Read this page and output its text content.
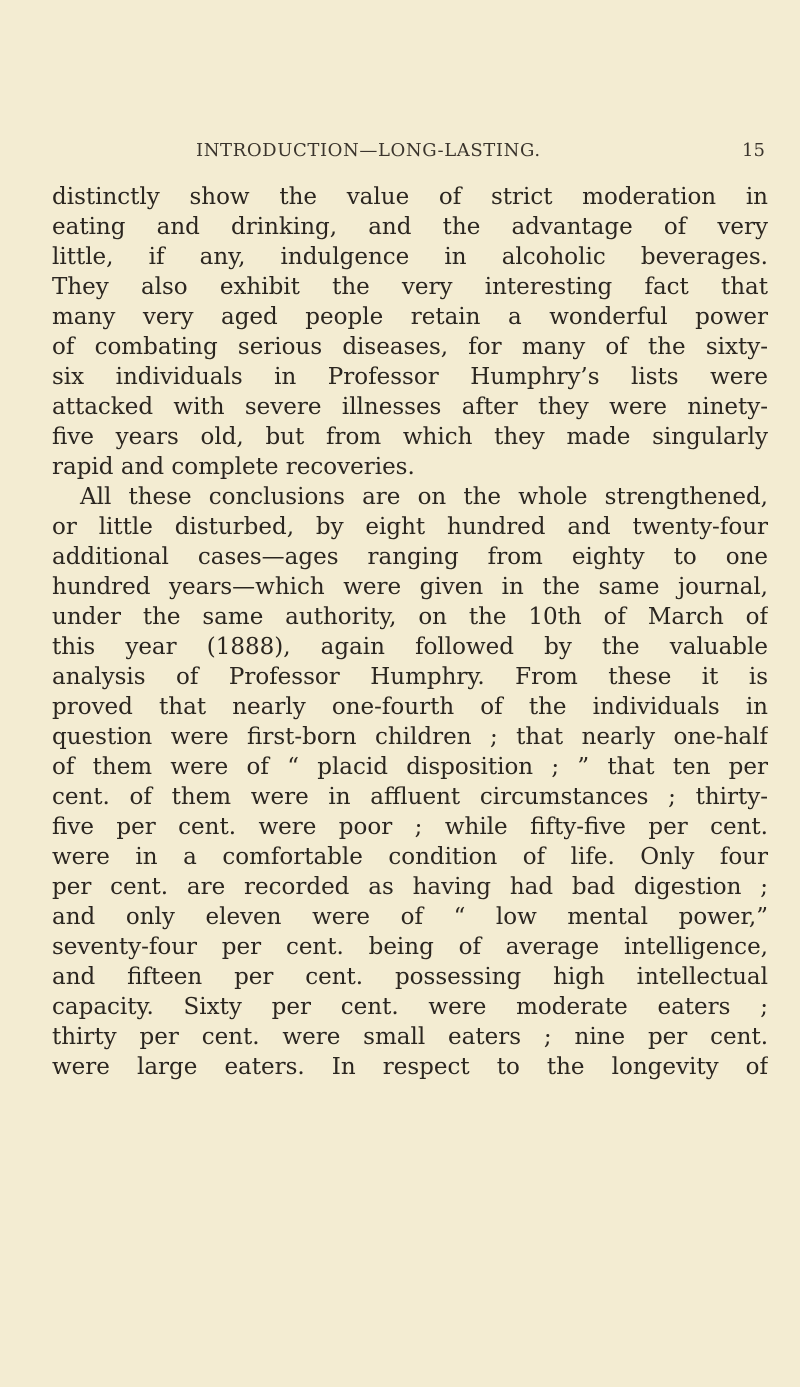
INTRODUCTION—LONG-LASTING.	15
distinctly show the value of strict moderation in
eating and drinking, and the advantage of very
little, if any, indulgence in alcoholic beverages.
They also exhibit the very interesting fact that
many very aged people retain a wonderful power
of combating serious diseases, for many of the sixty-
six individuals in Professor Humphry’s lists were
attacked with severe illnesses after they were ninety-
five years old, but from which they made singularly
rapid and complete recoveries.
All these conclusions are on the whole strengthened,
or little disturbed, by eight hundred and twenty-four
additional cases—ages ranging from eighty to one
hundred years—which were given in the same journal,
under the same authority, on the 10th of March of
this year (1888), again followed by the valuable
analysis of Professor Humphry. From these it is
proved that nearly one-fourth of the individuals in
question were first-born children ; that nearly one-half
of them were of “ placid disposition ; ” that ten per
cent. of them were in affluent circumstances ; thirty-
five per cent. were poor ; while fifty-five per cent.
were in a comfortable condition of life. Only four
per cent. are recorded as having had bad digestion ;
and only eleven were of “ low mental power,”
seventy-four per cent. being of average intelligence,
and fifteen per cent. possessing high intellectual
capacity. Sixty per cent. were moderate eaters ;
thirty per cent. were small eaters ; nine per cent.
were large eaters. In respect to the longevity of
